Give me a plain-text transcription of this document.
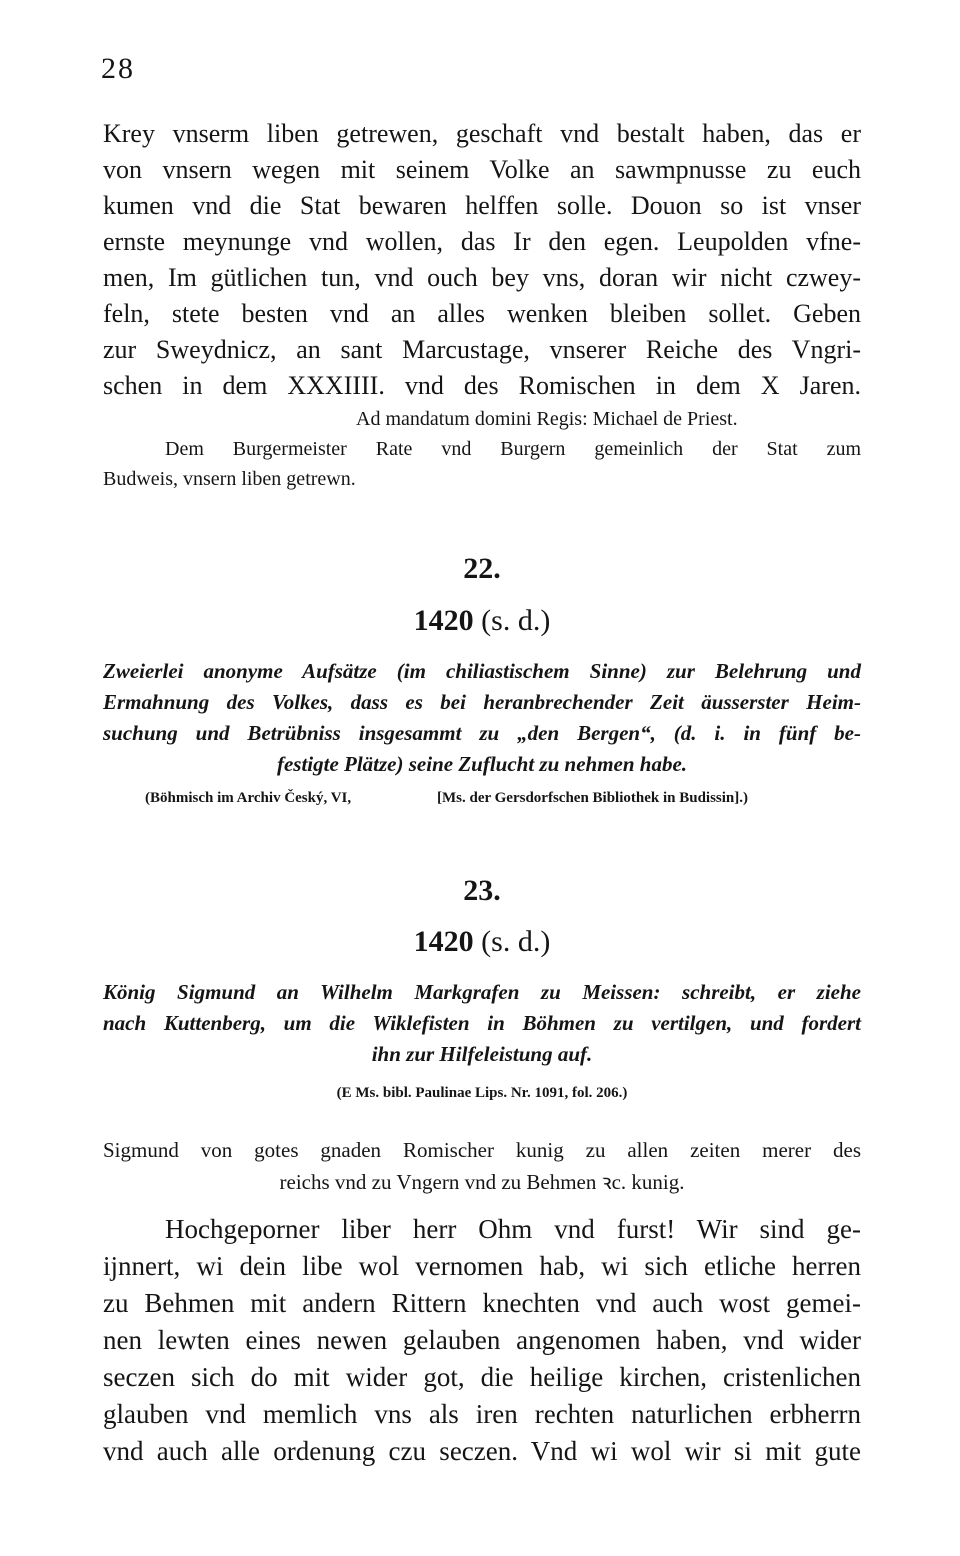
28
Krey vnserm liben getrewen, geschaft vnd bestalt haben, das er
von vnsern wegen mit seinem Volke an sawmpnusse zu euch
kumen vnd die Stat bewaren helffen solle. Douon so ist vnser
ernste meynunge vnd wollen, das Ir den egen. Leupolden vfne-
men, Im gütlichen tun, vnd ouch bey vns, doran wir nicht czwey-
feln, stete besten vnd an alles wenken bleiben sollet. Geben
zur Sweydnicz, an sant Marcustage, vnserer Reiche des Vngri-
schen in dem XXXIIII. vnd des Romischen in dem X Jaren.
Ad mandatum domini Regis: Michael de Priest.
Dem Burgermeister Rate vnd Burgern gemeinlich der Stat zum
Budweis, vnsern liben getrewn.
22.
1420 (s. d.)
Zweierlei anonyme Aufsätze (im chiliastischem Sinne) zur Belehrung und
Ermahnung des Volkes, dass es bei heranbrechender Zeit äusserster Heim-
suchung und Betrübniss insgesammt zu „den Bergen“, (d. i. in fünf be-
festigte Plätze) seine Zuflucht zu nehmen habe.
(Böhmisch im Archiv Český, VI,	[Ms. der Gersdorfschen Bibliothek in Budissin].)
23.
1420 (s. d.)
König Sigmund an Wilhelm Markgrafen zu Meissen: schreibt, er ziehe
nach Kuttenberg, um die Wiklefisten in Böhmen zu vertilgen, und fordert
ihn zur Hilfeleistung auf.
(E Ms. bibl. Paulinae Lips. Nr. 1091, fol. 206.)
Sigmund von gotes gnaden Romischer kunig zu allen zeiten merer des
reichs vnd zu Vngern vnd zu Behmen ꝛc. kunig.
Hochgeporner liber herr Ohm vnd furst! Wir sind ge-
ijnnert, wi dein libe wol vernomen hab, wi sich etliche herren
zu Behmen mit andern Rittern knechten vnd auch wost gemei-
nen lewten eines newen gelauben angenomen haben, vnd wider
seczen sich do mit wider got, die heilige kirchen, cristenlichen
glauben vnd memlich vns als iren rechten naturlichen erbherrn
vnd auch alle ordenung czu seczen. Vnd wi wol wir si mit gute
